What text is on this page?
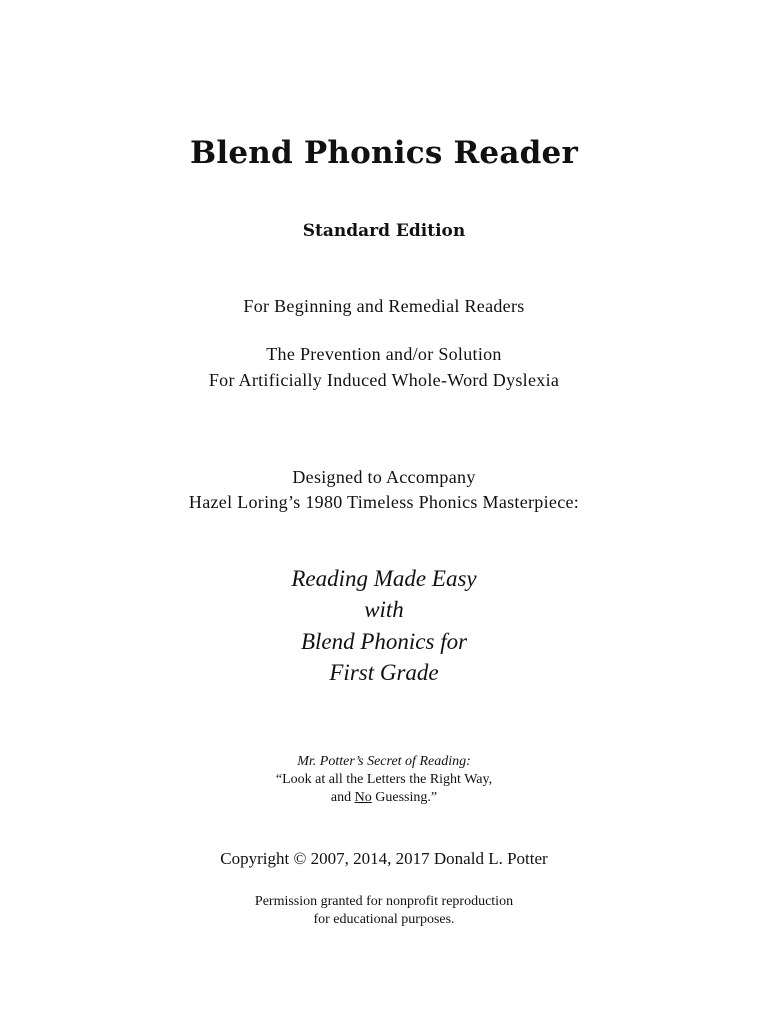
Blend Phonics Reader
Standard Edition
For Beginning and Remedial Readers
The Prevention and/or Solution
For Artificially Induced Whole-Word Dyslexia
Designed to Accompany
Hazel Loring’s 1980 Timeless Phonics Masterpiece:
Reading Made Easy
with
Blend Phonics for
First Grade
Mr. Potter’s Secret of Reading:
“Look at all the Letters the Right Way,
and No Guessing.”
Copyright © 2007, 2014, 2017 Donald L. Potter
Permission granted for nonprofit reproduction
for educational purposes.
